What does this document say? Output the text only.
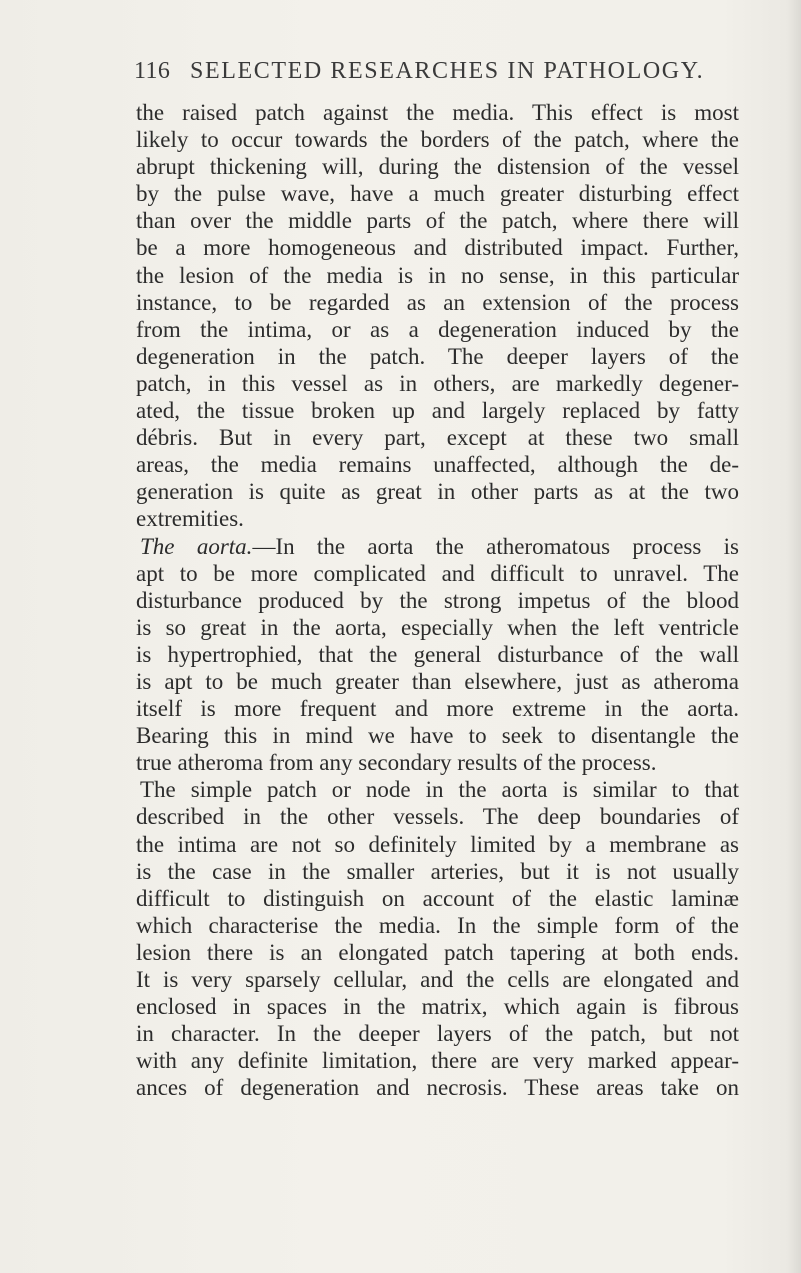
116 SELECTED RESEARCHES IN PATHOLOGY.
the raised patch against the media. This effect is most
likely to occur towards the borders of the patch, where the
abrupt thickening will, during the distension of the vessel
by the pulse wave, have a much greater disturbing effect
than over the middle parts of the patch, where there will
be a more homogeneous and distributed impact. Further,
the lesion of the media is in no sense, in this particular
instance, to be regarded as an extension of the process
from the intima, or as a degeneration induced by the
degeneration in the patch. The deeper layers of the
patch, in this vessel as in others, are markedly degener-
ated, the tissue broken up and largely replaced by fatty
débris. But in every part, except at these two small
areas, the media remains unaffected, although the de-
generation is quite as great in other parts as at the two
extremities.
The aorta.—In the aorta the atheromatous process is
apt to be more complicated and difficult to unravel. The
disturbance produced by the strong impetus of the blood
is so great in the aorta, especially when the left ventricle
is hypertrophied, that the general disturbance of the wall
is apt to be much greater than elsewhere, just as atheroma
itself is more frequent and more extreme in the aorta.
Bearing this in mind we have to seek to disentangle the
true atheroma from any secondary results of the process.
The simple patch or node in the aorta is similar to that
described in the other vessels. The deep boundaries of
the intima are not so definitely limited by a membrane as
is the case in the smaller arteries, but it is not usually
difficult to distinguish on account of the elastic laminæ
which characterise the media. In the simple form of the
lesion there is an elongated patch tapering at both ends.
It is very sparsely cellular, and the cells are elongated and
enclosed in spaces in the matrix, which again is fibrous
in character. In the deeper layers of the patch, but not
with any definite limitation, there are very marked appear-
ances of degeneration and necrosis. These areas take on
